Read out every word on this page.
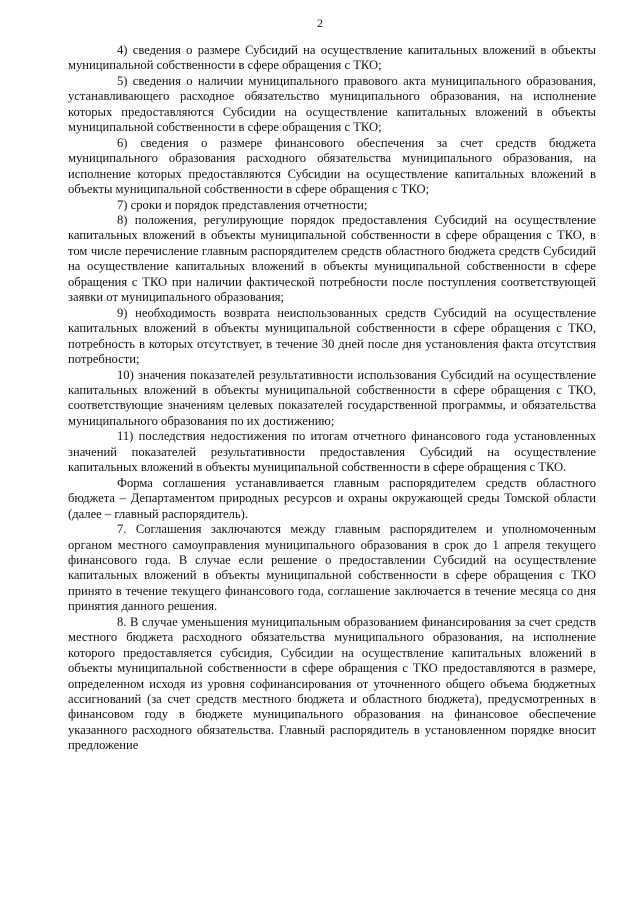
2

4) сведения о размере Субсидий на осуществление капитальных вложений в объекты муниципальной собственности в сфере обращения с ТКО;

5) сведения о наличии муниципального правового акта муниципального образования, устанавливающего расходное обязательство муниципального образования, на исполнение которых предоставляются Субсидии на осуществление капитальных вложений в объекты муниципальной собственности в сфере обращения с ТКО;

6) сведения о размере финансового обеспечения за счет средств бюджета муниципального образования расходного обязательства муниципального образования, на исполнение которых предоставляются Субсидии на осуществление капитальных вложений в объекты муниципальной собственности в сфере обращения с ТКО;

7) сроки и порядок представления отчетности;

8) положения, регулирующие порядок предоставления Субсидий на осуществление капитальных вложений в объекты муниципальной собственности в сфере обращения с ТКО, в том числе перечисление главным распорядителем средств областного бюджета средств Субсидий на осуществление капитальных вложений в объекты муниципальной собственности в сфере обращения с ТКО при наличии фактической потребности после поступления соответствующей заявки от муниципального образования;

9) необходимость возврата неиспользованных средств Субсидий на осуществление капитальных вложений в объекты муниципальной собственности в сфере обращения с ТКО, потребность в которых отсутствует, в течение 30 дней после дня установления факта отсутствия потребности;

10) значения показателей результативности использования Субсидий на осуществление капитальных вложений в объекты муниципальной собственности в сфере обращения с ТКО, соответствующие значениям целевых показателей государственной программы, и обязательства муниципального образования по их достижению;

11) последствия недостижения по итогам отчетного финансового года установленных значений показателей результативности предоставления Субсидий на осуществление капитальных вложений в объекты муниципальной собственности в сфере обращения с ТКО.

Форма соглашения устанавливается главным распорядителем средств областного бюджета – Департаментом природных ресурсов и охраны окружающей среды Томской области (далее – главный распорядитель).

7. Соглашения заключаются между главным распорядителем и уполномоченным органом местного самоуправления муниципального образования в срок до 1 апреля текущего финансового года. В случае если решение о предоставлении Субсидий на осуществление капитальных вложений в объекты муниципальной собственности в сфере обращения с ТКО принято в течение текущего финансового года, соглашение заключается в течение месяца со дня принятия данного решения.

8. В случае уменьшения муниципальным образованием финансирования за счет средств местного бюджета расходного обязательства муниципального образования, на исполнение которого предоставляется субсидия, Субсидии на осуществление капитальных вложений в объекты муниципальной собственности в сфере обращения с ТКО предоставляются в размере, определенном исходя из уровня софинансирования от уточненного общего объема бюджетных ассигнований (за счет средств местного бюджета и областного бюджета), предусмотренных в финансовом году в бюджете муниципального образования на финансовое обеспечение указанного расходного обязательства. Главный распорядитель в установленном порядке вносит предложение
